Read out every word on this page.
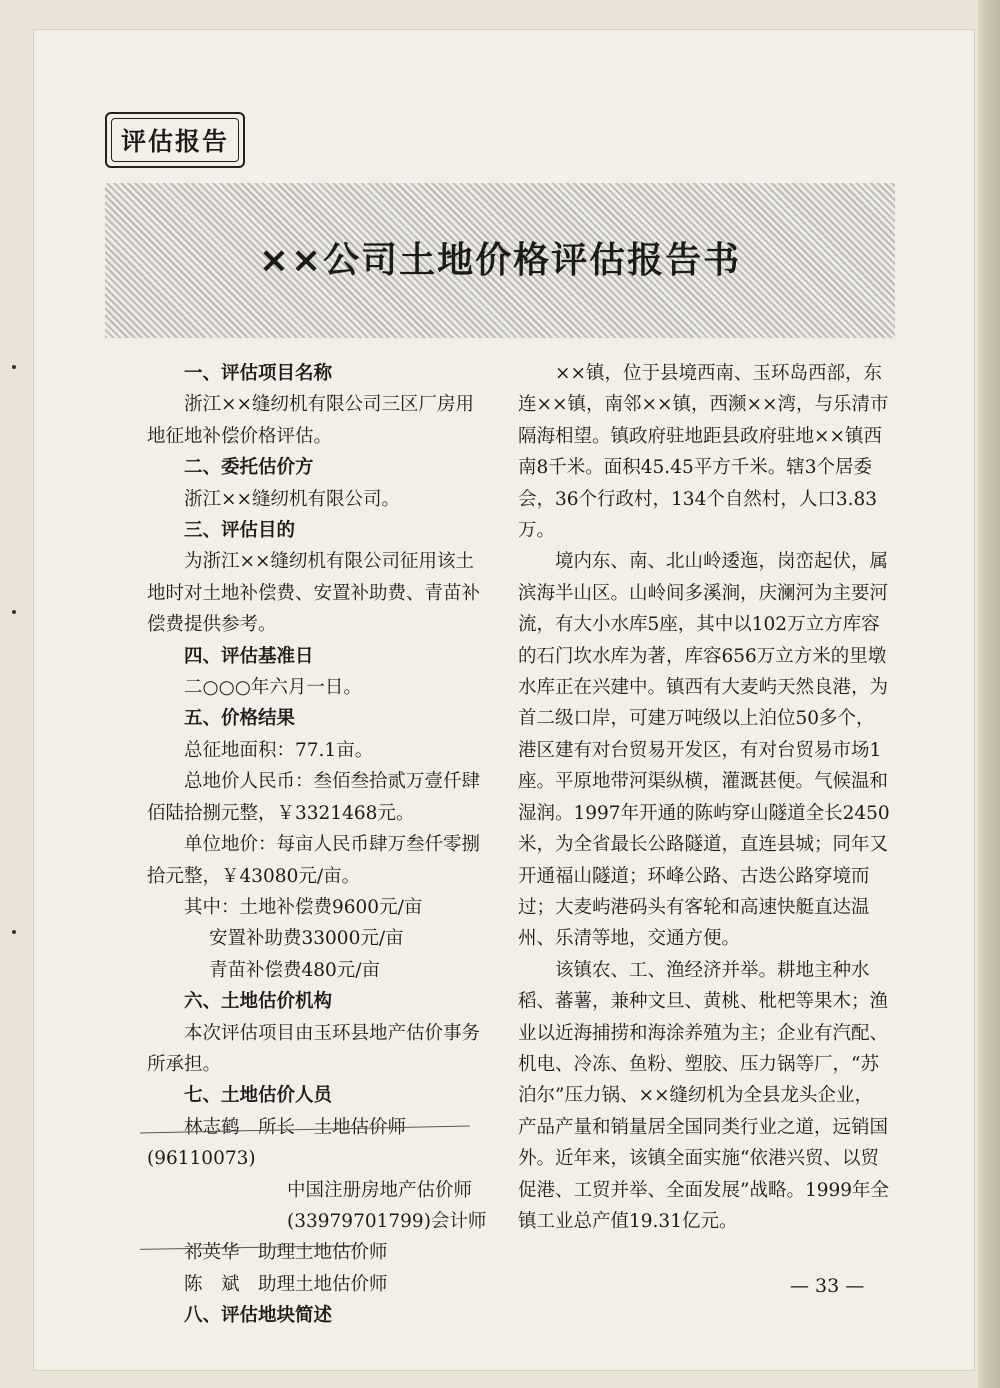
评估报告
××公司土地价格评估报告书

一、评估项目名称

浙江××缝纫机有限公司三区厂房用地征地补偿价格评估。

二、委托估价方

浙江××缝纫机有限公司。

三、评估目的

为浙江××缝纫机有限公司征用该土地时对土地补偿费、安置补助费、青苗补偿费提供参考。

四、评估基准日

二○○○年六月一日。

五、价格结果

总征地面积：77.1亩。

总地价人民币：叁佰叁拾贰万壹仟肆佰陆拾捌元整，￥3321468元。

单位地价：每亩人民币肆万叁仟零捌拾元整，￥43080元/亩。

其中：土地补偿费9600元/亩

安置补助费33000元/亩

青苗补偿费480元/亩

六、土地估价机构

本次评估项目由玉环县地产估价事务所承担。

七、土地估价人员

林志鹤　所长　土地估价师(96110073)

中国注册房地产估价师

(33979701799)会计师

祁英华　助理土地估价师

陈　斌　助理土地估价师

八、评估地块简述

××镇，位于县境西南、玉环岛西部，东连××镇，南邻××镇，西濒××湾，与乐清市隔海相望。镇政府驻地距县政府驻地××镇西南8千米。面积45.45平方千米。辖3个居委会，36个行政村，134个自然村，人口3.83万。

境内东、南、北山岭逶迤，岗峦起伏，属滨海半山区。山岭间多溪涧，庆澜河为主要河流，有大小水库5座，其中以102万立方库容的石门坎水库为著，库容656万立方米的里墩水库正在兴建中。镇西有大麦屿天然良港，为首二级口岸，可建万吨级以上泊位50多个，港区建有对台贸易开发区，有对台贸易市场1座。平原地带河渠纵横，灌溉甚便。气候温和湿润。1997年开通的陈屿穿山隧道全长2450米，为全省最长公路隧道，直连县城；同年又开通福山隧道；环峰公路、古迭公路穿境而过；大麦屿港码头有客轮和高速快艇直达温州、乐清等地，交通方便。

该镇农、工、渔经济并举。耕地主种水稻、蕃薯，兼种文旦、黄桃、枇杷等果木；渔业以近海捕捞和海涂养殖为主；企业有汽配、机电、冷冻、鱼粉、塑胶、压力锅等厂，“苏泊尔”压力锅、××缝纫机为全县龙头企业，产品产量和销量居全国同类行业之道，远销国外。近年来，该镇全面实施“依港兴贸、以贸促港、工贸并举、全面发展”战略。1999年全镇工业总产值19.31亿元。

— 33 —
